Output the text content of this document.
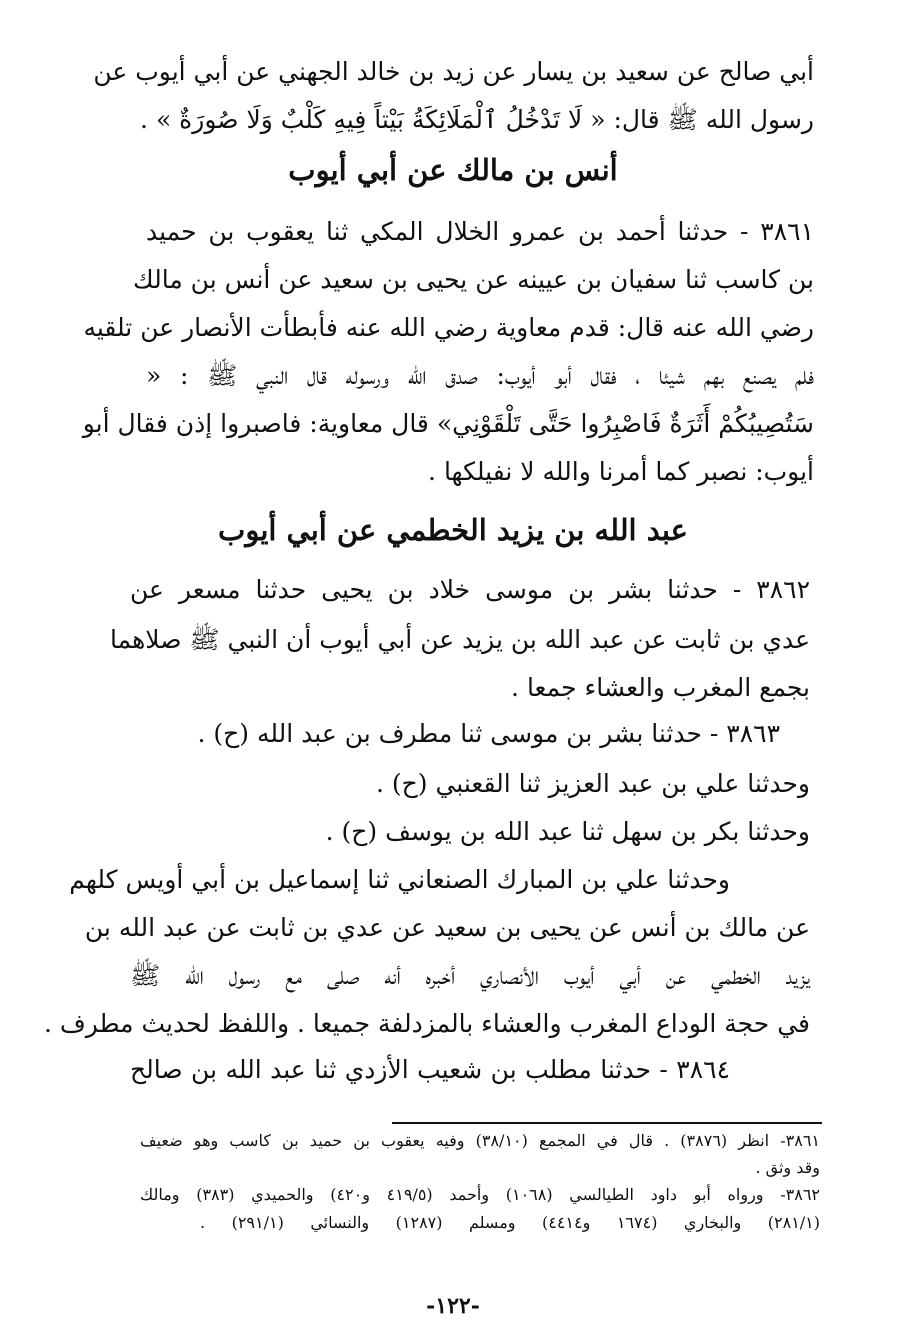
أبي صالح عن سعيد بن يسار عن زيد بن خالد الجهني عن أبي أيوب عن
رسول الله ﷺ قال: « لَا تَدْخُلُ ٱلْمَلَائِكَةُ بَيْتاً فِيهِ كَلْبٌ وَلَا صُورَةٌ » .
أنس بن مالك عن أبي أيوب
٣٨٦١ - حدثنا أحمد بن عمرو الخلال المكي ثنا يعقوب بن حميد
بن كاسب ثنا سفيان بن عيينه عن يحيى بن سعيد عن أنس بن مالك
رضي الله عنه قال: قدم معاوية رضي الله عنه فأبطأت الأنصار عن تلقيه
فلم يصنع بهم شيئا ، فقال أبو أيوب: صدق الله ورسوله قال النبي ﷺ : «
سَتُصِيبُكُمْ أَثَرَةٌ فَاصْبِرُوا حَتَّى تَلْقَوْنِي» قال معاوية: فاصبروا إذن فقال أبو
أيوب: نصبر كما أمرنا والله لا نفيلكها .
عبد الله بن يزيد الخطمي عن أبي أيوب
٣٨٦٢ - حدثنا بشر بن موسى خلاد بن يحيى حدثنا مسعر عن
عدي بن ثابت عن عبد الله بن يزيد عن أبي أيوب أن النبي ﷺ صلاهما
بجمع المغرب والعشاء جمعا .
٣٨٦٣ - حدثنا بشر بن موسى ثنا مطرف بن عبد الله (ح) .
وحدثنا علي بن عبد العزيز ثنا القعنبي (ح) .
وحدثنا بكر بن سهل ثنا عبد الله بن يوسف (ح) .
وحدثنا علي بن المبارك الصنعاني ثنا إسماعيل بن أبي أويس كلهم
عن مالك بن أنس عن يحيى بن سعيد عن عدي بن ثابت عن عبد الله بن
يزيد الخطمي عن أبي أيوب الأنصاري أخبره أنه صلى مع رسول الله ﷺ
في حجة الوداع المغرب والعشاء بالمزدلفة جميعا . واللفظ لحديث مطرف .
٣٨٦٤ - حدثنا مطلب بن شعيب الأزدي ثنا عبد الله بن صالح
٣٨٦١- انظر (٣٨٧٦) . قال في المجمع (٣٨/١٠) وفيه يعقوب بن حميد بن كاسب وهو ضعيف
وقد وثق .
٣٨٦٢- ورواه أبو داود الطيالسي (١٠٦٨) وأحمد (٤١٩/٥ و٤٢٠) والحميدي (٣٨٣) ومالك
(٢٨١/١) والبخاري (١٦٧٤ و٤٤١٤) ومسلم (١٢٨٧) والنسائي (٢٩١/١) .
-١٢٢-
